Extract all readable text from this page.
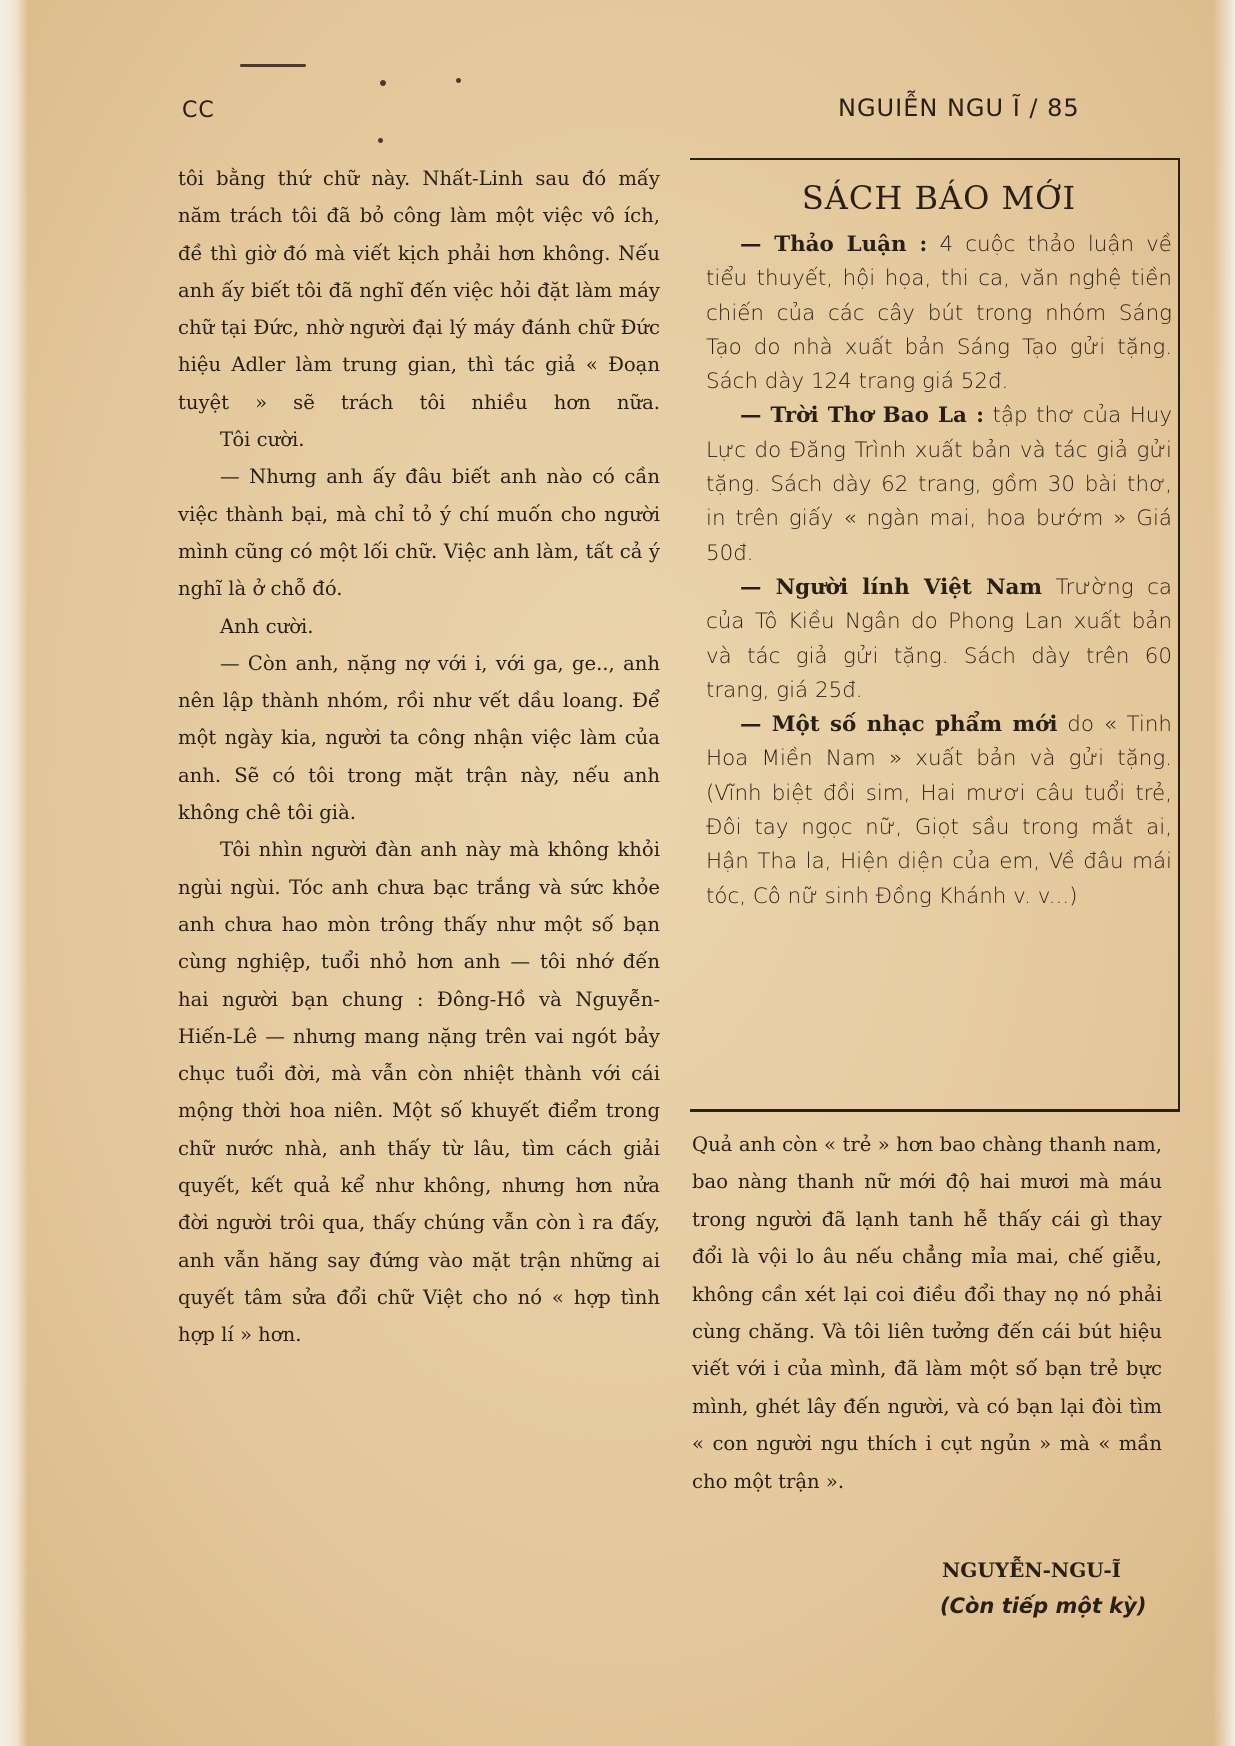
CC	NGUIỄN NGU Ĩ / 85

tôi bằng thứ chữ này. Nhất-Linh sau đó mấy năm trách tôi đã bỏ công làm một việc vô ích, đề thì giờ đó mà viết kịch phải hơn không. Nếu anh ấy biết tôi đã nghĩ đến việc hỏi đặt làm máy chữ tại Đức, nhờ người đại lý máy đánh chữ Đức hiệu Adler làm trung gian, thì tác giả « Đoạn tuyệt » sẽ trách tôi nhiều hơn nữa.

Tôi cười.

— Nhưng anh ấy đâu biết anh nào có cần việc thành bại, mà chỉ tỏ ý chí muốn cho người mình cũng có một lối chữ. Việc anh làm, tất cả ý nghĩ là ở chỗ đó.

Anh cười.

— Còn anh, nặng nợ với i, với ga, ge.., anh nên lập thành nhóm, rồi như vết dầu loang. Để một ngày kia, người ta công nhận việc làm của anh. Sẽ có tôi trong mặt trận này, nếu anh không chê tôi già.

Tôi nhìn người đàn anh này mà không khỏi ngùi ngùi. Tóc anh chưa bạc trắng và sức khỏe anh chưa hao mòn trông thấy như một số bạn cùng nghiệp, tuổi nhỏ hơn anh — tôi nhớ đến hai người bạn chung : Đông-Hồ và Nguyễn-Hiến-Lê — nhưng mang nặng trên vai ngót bảy chục tuổi đời, mà vẫn còn nhiệt thành với cái mộng thời hoa niên. Một số khuyết điểm trong chữ nước nhà, anh thấy từ lâu, tìm cách giải quyết, kết quả kể như không, nhưng hơn nửa đời người trôi qua, thấy chúng vẫn còn ì ra đấy, anh vẫn hăng say đứng vào mặt trận những ai quyết tâm sửa đổi chữ Việt cho nó « hợp tình hợp lí » hơn.

SÁCH BÁO MỚI

— Thảo Luận : 4 cuộc thảo luận về tiểu thuyết, hội họa, thi ca, văn nghệ tiền chiến của các cây bút trong nhóm Sáng Tạo do nhà xuất bản Sáng Tạo gửi tặng. Sách dày 124 trang giá 52đ.

— Trời Thơ Bao La : tập thơ của Huy Lực do Đăng Trình xuất bản và tác giả gửi tặng. Sách dày 62 trang, gồm 30 bài thơ, in trên giấy « ngàn mai, hoa bướm » Giá 50đ.

— Người lính Việt Nam Trường ca của Tô Kiều Ngân do Phong Lan xuất bản và tác giả gửi tặng. Sách dày trên 60 trang, giá 25đ.

— Một số nhạc phẩm mới do « Tinh Hoa Miền Nam » xuất bản và gửi tặng. (Vĩnh biệt đồi sim, Hai mươi câu tuổi trẻ, Đôi tay ngọc nữ, Giọt sầu trong mắt ai, Hận Tha la, Hiện diện của em, Về đâu mái tóc, Cô nữ sinh Đồng Khánh v. v...)

Quả anh còn « trẻ » hơn bao chàng thanh nam, bao nàng thanh nữ mới độ hai mươi mà máu trong người đã lạnh tanh hễ thấy cái gì thay đổi là vội lo âu nếu chẳng mỉa mai, chế giễu, không cần xét lại coi điều đổi thay nọ nó phải cùng chăng. Và tôi liên tưởng đến cái bút hiệu viết với i của mình, đã làm một số bạn trẻ bực mình, ghét lây đến người, và có bạn lại đòi tìm « con người ngu thích i cụt ngủn » mà « mần cho một trận ».

NGUYỄN-NGU-Ĩ
(Còn tiếp một kỳ)
